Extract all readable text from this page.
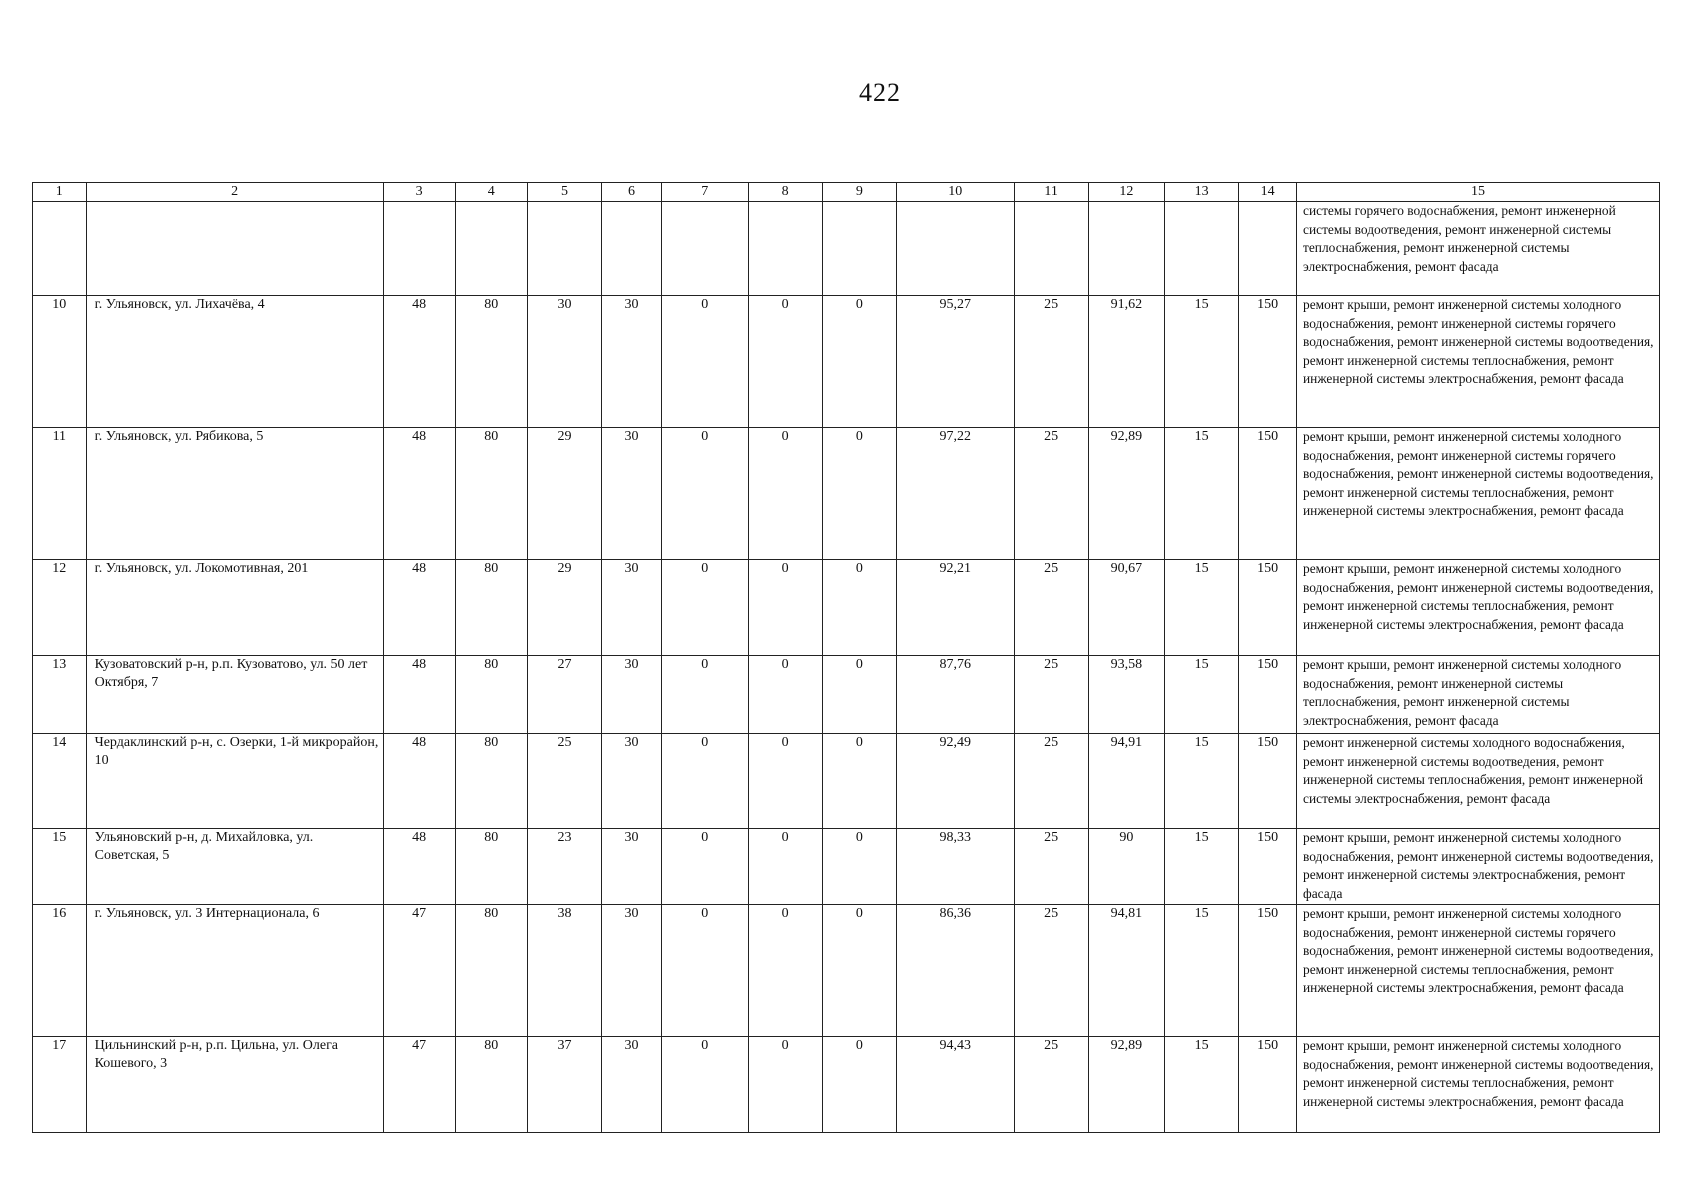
422
1	2	3	4	5	6	7	8	9	10	11	12	13	14	15
														системы горячего водоснабжения, ремонт инженерной системы водоотведения, ремонт инженерной системы теплоснабжения, ремонт инженерной системы электроснабжения, ремонт фасада
10	г. Ульяновск, ул. Лихачёва, 4	48	80	30	30	0	0	0	95,27	25	91,62	15	150	ремонт крыши, ремонт инженерной системы холодного водоснабжения, ремонт инженерной системы горячего водоснабжения, ремонт инженерной системы водоотведения, ремонт инженерной системы теплоснабжения, ремонт инженерной системы электроснабжения, ремонт фасада
11	г. Ульяновск, ул. Рябикова, 5	48	80	29	30	0	0	0	97,22	25	92,89	15	150	ремонт крыши, ремонт инженерной системы холодного водоснабжения, ремонт инженерной системы горячего водоснабжения, ремонт инженерной системы водоотведения, ремонт инженерной системы теплоснабжения, ремонт инженерной системы электроснабжения, ремонт фасада
12	г. Ульяновск, ул. Локомотивная, 201	48	80	29	30	0	0	0	92,21	25	90,67	15	150	ремонт крыши, ремонт инженерной системы холодного водоснабжения, ремонт инженерной системы водоотведения, ремонт инженерной системы теплоснабжения, ремонт инженерной системы электроснабжения, ремонт фасада
13	Кузоватовский р-н, р.п. Кузоватово, ул. 50 лет Октября, 7	48	80	27	30	0	0	0	87,76	25	93,58	15	150	ремонт крыши, ремонт инженерной системы холодного водоснабжения, ремонт инженерной системы теплоснабжения, ремонт инженерной системы электроснабжения, ремонт фасада
14	Чердаклинский р-н, с. Озерки, 1-й микрорайон, 10	48	80	25	30	0	0	0	92,49	25	94,91	15	150	ремонт инженерной системы холодного водоснабжения, ремонт инженерной системы водоотведения, ремонт инженерной системы теплоснабжения, ремонт инженерной системы электроснабжения, ремонт фасада
15	Ульяновский р-н, д. Михайловка, ул. Советская, 5	48	80	23	30	0	0	0	98,33	25	90	15	150	ремонт крыши, ремонт инженерной системы холодного водоснабжения, ремонт инженерной системы водоотведения, ремонт инженерной системы электроснабжения, ремонт фасада
16	г. Ульяновск, ул. 3 Интернационала, 6	47	80	38	30	0	0	0	86,36	25	94,81	15	150	ремонт крыши, ремонт инженерной системы холодного водоснабжения, ремонт инженерной системы горячего водоснабжения, ремонт инженерной системы водоотведения, ремонт инженерной системы теплоснабжения, ремонт инженерной системы электроснабжения, ремонт фасада
17	Цильнинский р-н, р.п. Цильна, ул. Олега Кошевого, 3	47	80	37	30	0	0	0	94,43	25	92,89	15	150	ремонт крыши, ремонт инженерной системы холодного водоснабжения, ремонт инженерной системы водоотведения, ремонт инженерной системы теплоснабжения, ремонт инженерной системы электроснабжения, ремонт фасада
